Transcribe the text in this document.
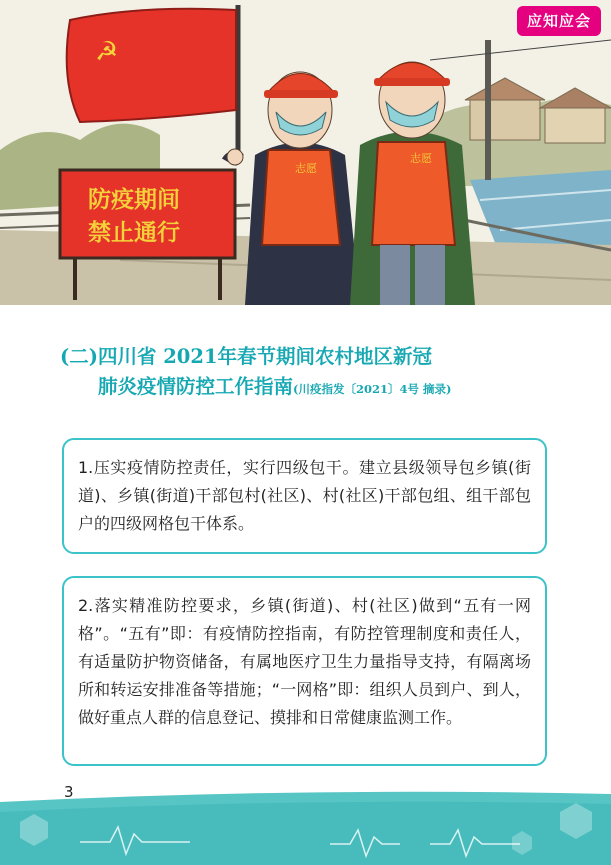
☭
防疫期间
禁止通行
志愿
志愿
应知应会
(二)四川省 2021年春节期间农村地区新冠
肺炎疫情防控工作指南(川疫指发〔2021〕4号 摘录)
1.压实疫情防控责任，实行四级包干。建立县级领导包乡镇(街道)、乡镇(街道)干部包村(社区)、村(社区)干部包组、组干部包户的四级网格包干体系。
2.落实精准防控要求，乡镇(街道)、村(社区)做到“五有一网格”。“五有”即：有疫情防控指南，有防控管理制度和责任人，有适量防护物资储备，有属地医疗卫生力量指导支持，有隔离场所和转运安排准备等措施；“一网格”即：组织人员到户、到人，做好重点人群的信息登记、摸排和日常健康监测工作。
3
